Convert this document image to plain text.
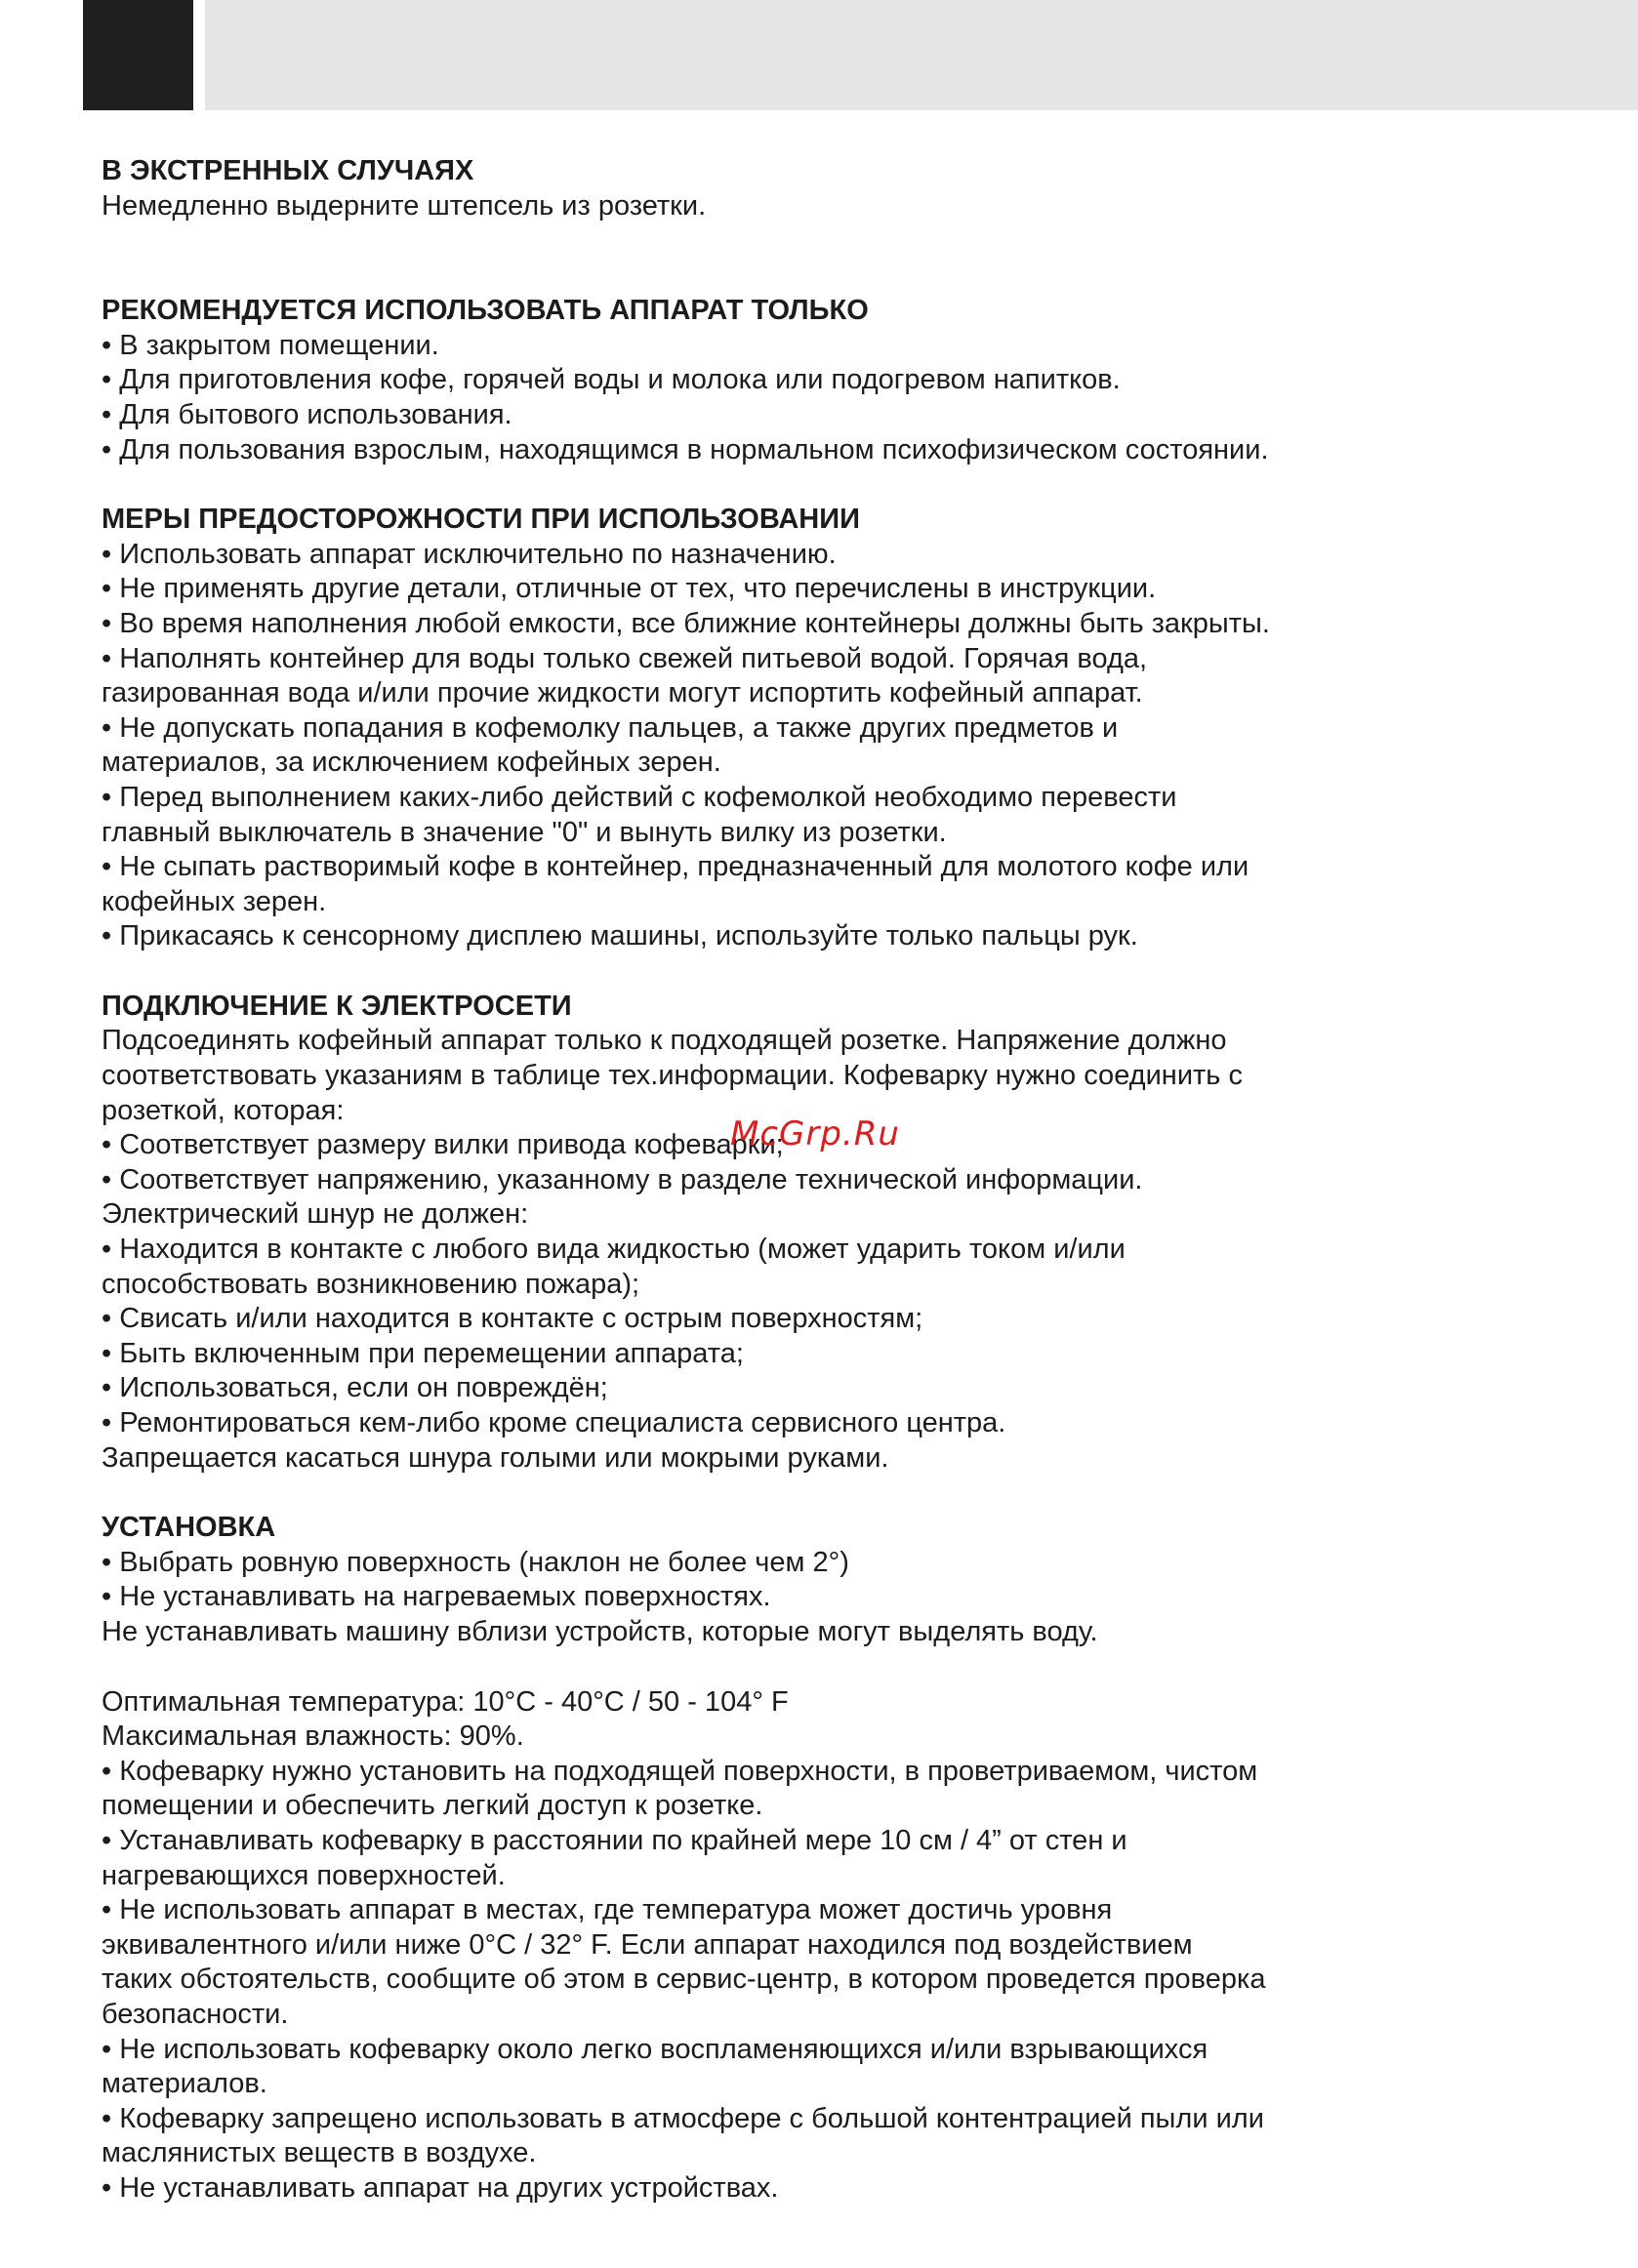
В ЭКСТРЕННЫХ СЛУЧАЯХ

Немедленно выдерните штепсель из розетки.

РЕКОМЕНДУЕТСЯ ИСПОЛЬЗОВАТЬ АППАРАТ ТОЛЬКО

• В закрытом помещении.

• Для приготовления кофе, горячей воды и молока или подогревом напитков.

• Для бытового использования.

• Для пользования взрослым, находящимся в нормальном психофизическом состоянии.

МЕРЫ ПРЕДОСТОРОЖНОСТИ ПРИ ИСПОЛЬЗОВАНИИ

• Использовать аппарат исключительно по назначению.

• Не применять другие детали, отличные от тех, что перечислены в инструкции.

• Во время наполнения любой емкости, все ближние контейнеры должны быть закрыты.

• Наполнять контейнер для воды только свежей питьевой водой. Горячая вода,

газированная вода и/или прочие жидкости могут испортить кофейный аппарат.

• Не допускать попадания в кофемолку пальцев, а также других предметов и

материалов, за исключением кофейных зерен.

• Перед выполнением каких-либо действий с кофемолкой необходимо перевести

главный выключатель в значение "0" и вынуть вилку из розетки.

• Не сыпать растворимый кофе в контейнер, предназначенный для молотого кофе или

кофейных зерен.

• Прикасаясь к сенсорному дисплею машины, используйте только пальцы рук.

ПОДКЛЮЧЕНИЕ К ЭЛЕКТРОСЕТИ

Подсоединять кофейный аппарат только к подходящей розетке. Напряжение должно

соответствовать указаниям в таблице тех.информации. Кофеварку нужно соединить с

розеткой, которая:

• Соответствует размеру вилки привода кофеварки;

• Соответствует напряжению, указанному в разделе технической информации.

Электрический шнур не должен:

• Находится в контакте с любого вида жидкостью (может ударить током и/или

способствовать возникновению пожара);

• Свисать и/или находится в контакте с острым поверхностям;

• Быть включенным при перемещении аппарата;

• Использоваться, если он повреждён;

• Ремонтироваться кем-либо кроме специалиста сервисного центра.

Запрещается касаться шнура голыми или мокрыми руками.

УСТАНОВКА

• Выбрать ровную поверхность (наклон не более чем 2°)

• Не устанавливать на нагреваемых поверхностях.

Не устанавливать машину вблизи устройств, которые могут выделять воду.

Оптимальная температура: 10°C - 40°C / 50 - 104° F

Максимальная влажность: 90%.

• Кофеварку нужно установить на подходящей поверхности, в проветриваемом, чистом

помещении и обеспечить легкий доступ к розетке.

• Устанавливать кофеварку в расстоянии по крайней мере 10 см / 4” от стен и

нагревающихся поверхностей.

• Не использовать аппарат в местах, где температура может достичь уровня

эквивалентного и/или ниже 0°C / 32° F. Если аппарат находился под воздействием

таких обстоятельств, сообщите об этом в сервис-центр, в котором проведется проверка

безопасности.

• Не использовать кофеварку около легко воспламеняющихся и/или взрывающихся

материалов.

• Кофеварку запрещено использовать в атмосфере с большой контентрацией пыли или

маслянистых веществ в воздухе.

• Не устанавливать аппарат на других устройствах.

McGrp.Ru
